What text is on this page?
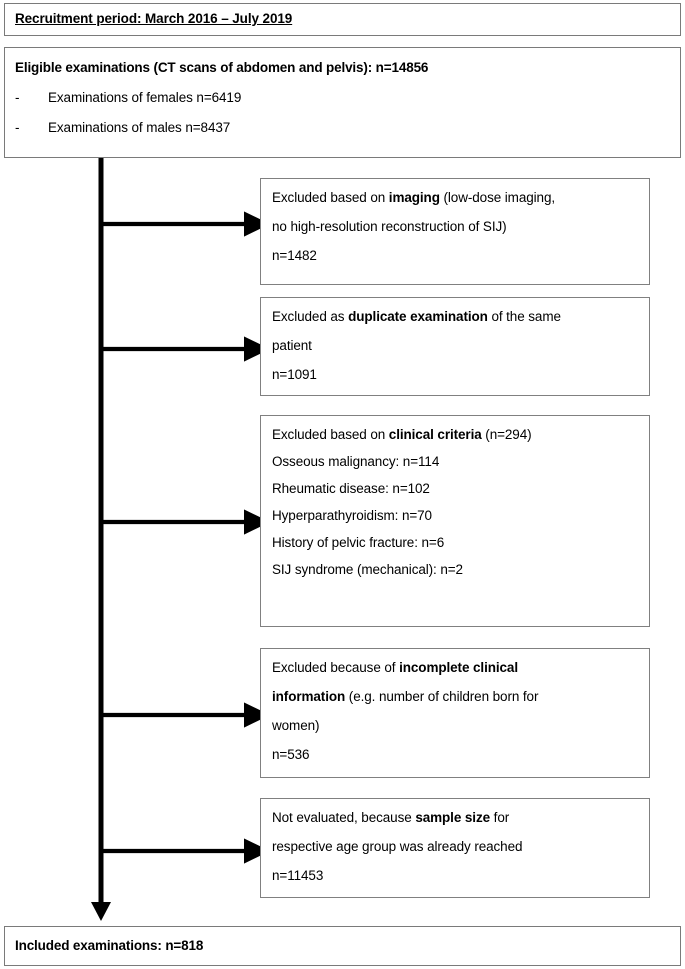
Recruitment period: March 2016 – July 2019
Eligible examinations (CT scans of abdomen and pelvis): n=14856
-	Examinations of females n=6419
-	Examinations of males n=8437
Excluded based on imaging (low-dose imaging,
no high-resolution reconstruction of SIJ)
n=1482
Excluded as duplicate examination of the same
patient
n=1091
Excluded based on clinical criteria (n=294)
Osseous malignancy: n=114
Rheumatic disease: n=102
Hyperparathyroidism: n=70
History of pelvic fracture: n=6
SIJ syndrome (mechanical): n=2
Excluded because of incomplete clinical
information (e.g. number of children born for
women)
n=536
Not evaluated, because sample size for
respective age group was already reached
n=11453
Included examinations: n=818
